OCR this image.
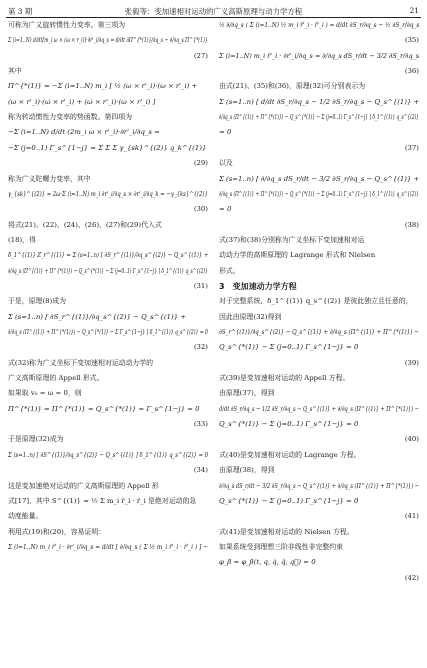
第 3 期	张毅等：变加速相对运动的广义高斯原理与动力学方程	21
可称为广义旋转惯性力变率。第三项为
Σ (i=1..N) d/dt[m_i ω × (ω × r_i)]·∂r'_i/∂q_s = d/dt ∂Π^{*(1)}/∂q_s − ∂/∂q_s Π^{*(1)}
(27)
其中
Π^{*(1)} = −Σ (i=1..N) m_i [ ½ (ω × r'_i)·(ω × r'_i) +
(ω × r'_i)·(ω̇ × r'_i) + (ω̇ × r'_i)·(ω × r'_i) ]
称为转动惯性力变率的势函数。第四项为
−Σ (i=1..N) d/dt (2m_i ω × r'_i)·∂r'_i/∂q_s =
−Σ (j=0..1) Γ_s^{1−j} = Σ Σ Σ γ_{sk}^{(2)} q_k^{(1)}
(29)
称为广义陀螺力变率，其中
γ_{sk}^{(2)} = 2ω·Σ (i=1..N) m_i ∂r'_i/∂q_s × ∂r'_i/∂q_k = −γ_{ks}^{(2)}
(30)
将式(21)、(22)、(24)、(26)、(27)和(29)代入式
(18)，得
δ_1^{(1)} Z_r^{(1)} = Σ (s=1..n) [ ∂S_r^{(1)}/∂q_s^{(2)} − Q_s^{(1)} +
∂/∂q_s (Π^{(1)} + Π^{*(1)}) − Q_s^{*(1)} − Σ (j=0..1) Γ_s^{1−j} ] δ_1^{(1)} q_s^{(2)}
(31)
于是，原理(8)成为
Σ (s=1..n) [ ∂S_r^{(1)}/∂q_s^{(2)} − Q_s^{(1)} +
∂/∂q_s (Π^{(1)} + Π^{*(1)}) − Q_s^{*(1)} − Σ Γ_s^{1−j} ] δ_1^{(1)} q_s^{(2)} = 0
(32)
式(32)称为广义坐标下变加速相对运动动力学的
广义高斯原理的 Appell 形式。
如果取 v₀ = ω = 0，则
Π^{*(1)} = Π^{*(1)} = Q_s^{*(1)} = Γ_s^{1−j} = 0
(33)
于是原理(32)成为
Σ (s=1..n) [ ∂S^{(1)}/∂q_s^{(2)} − Q_s^{(1)} ] δ_1^{(1)} q_s^{(2)} = 0
(34)
这是变加速绝对运动的广义高斯原理的 Appell 形
式[17]，其中 S^{(1)} = ½ Σ m_i r̈_i · r̈_i 是绝对运动的急
动度能量。
利用式(19)和(20)，容易证明：
Σ (i=1..N) m_i r̈'_i · ∂r'_i/∂q_s = d/dt [ ∂/∂q_s ( Σ ½ m_i r̈'_i · r̈'_i ) ] −
½ ∂/∂q_s ( Σ (i=1..N) ½ m_i r̈'_i · r̈'_i ) = d/dt ∂S_r/∂q_s − ½ ∂S_r/∂q_s
(35)
Σ (i=1..N) m_i r̈'_i · ∂r'_i/∂q_s = ∂/∂q_s dS_r/dt − 3/2 ∂S_r/∂q_s
(36)
由式(21)、(35)和(36)，原理(32)可分别表示为
Σ (s=1..n) [ d/dt ∂S_r/∂q_s − 1/2 ∂S_r/∂q_s − Q_s^{(1)} +
∂/∂q_s (Π^{(1)} + Π^{*(1)}) − Q_s^{*(1)} − Σ (j=0..1) Γ_s^{1−j} ] δ_1^{(1)} q_s^{(2)}
= 0
(37)
以及
Σ (s=1..n) [ ∂/∂q_s dS_r/dt − 3/2 ∂S_r/∂q_s − Q_s^{(1)} +
∂/∂q_s (Π^{(1)} + Π^{*(1)}) − Q_s^{*(1)} − Σ (j=0..1) Γ_s^{1−j} ] δ_1^{(1)} q_s^{(2)}
= 0
(38)
式(37)和(38)分别称为广义坐标下变加速相对运
动动力学的高斯原理的 Lagrange 形式和 Nielsen
形式。
3　变加速动力学方程
对于完整系统，δ_1^{(1)} q_s^{(2)} 是彼此独立且任意的，
因此由原理(32)得到
∂S_r^{(1)}/∂q_s^{(2)} − Q_s^{(1)} + ∂/∂q_s (Π^{(1)} + Π^{*(1)}) −
Q_s^{*(1)} − Σ (j=0..1) Γ_s^{1−j} = 0
(39)
式(39)是变加速相对运动的 Appell 方程。
由原理(37)，得到
d/dt ∂S_r/∂q_s − 1/2 ∂S_r/∂q_s − Q_s^{(1)} + ∂/∂q_s (Π^{(1)} + Π^{*(1)}) −
Q_s^{*(1)} − Σ (j=0..1) Γ_s^{1−j} = 0
(40)
式(40)是变加速相对运动的 Lagrange 方程。
由原理(38)，得到
∂/∂q_s dS_r/dt − 3/2 ∂S_r/∂q_s − Q_s^{(1)} + ∂/∂q_s (Π^{(1)} + Π^{*(1)}) −
Q_s^{*(1)} − Σ (j=0..1) Γ_s^{1−j} = 0
(41)
式(41)是变加速相对运动的 Nielsen 方程。
如果系统受到理想三阶非线性非完整约束
φ_β = φ_β(t, q, q̇, q̈, q⃛) = 0
(42)
